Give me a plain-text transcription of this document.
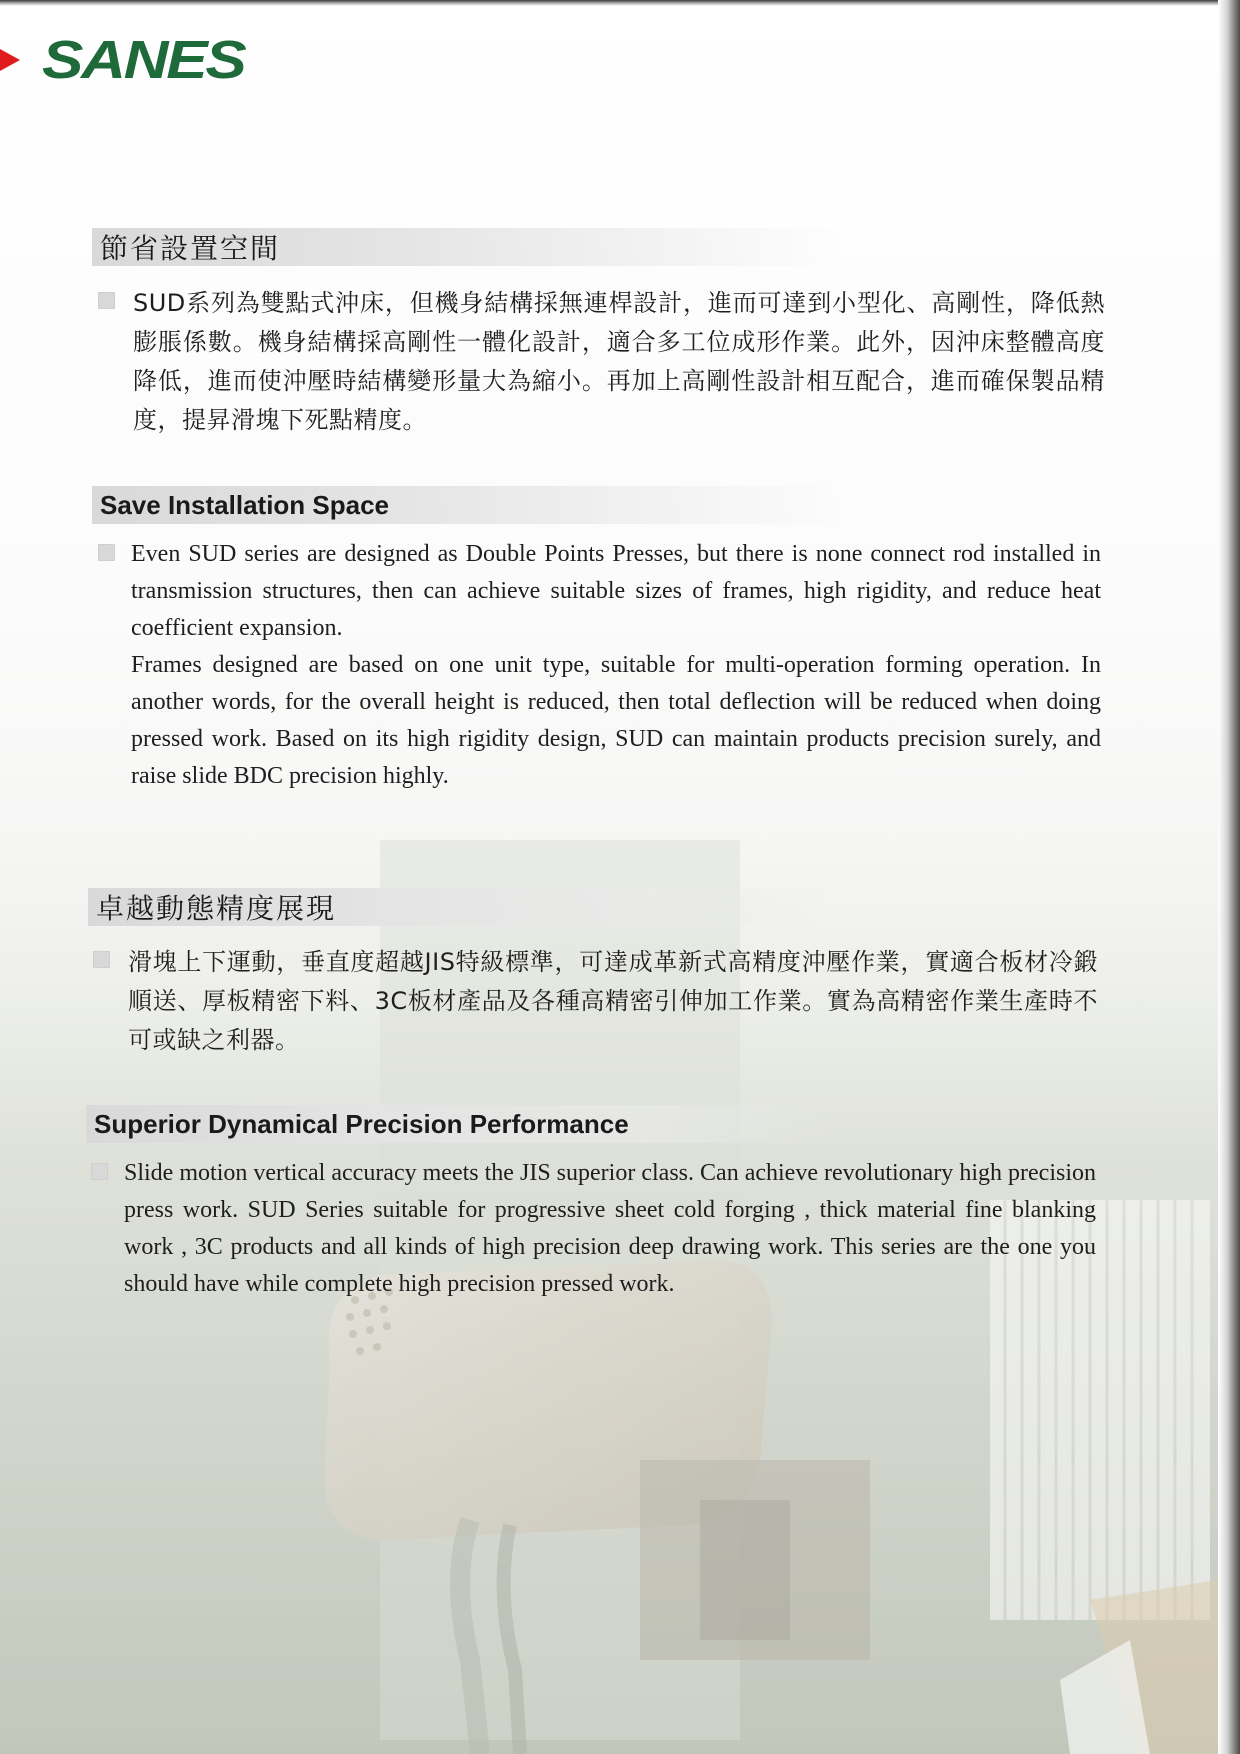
SANES
節省設置空間

SUD系列為雙點式沖床，但機身結構採無連桿設計，進而可達到小型化、高剛性，降低熱膨脹係數。機身結構採高剛性一體化設計，適合多工位成形作業。此外，因沖床整體高度降低，進而使沖壓時結構變形量大為縮小。再加上高剛性設計相互配合，進而確保製品精度，提昇滑塊下死點精度。

Save Installation Space

Even SUD series are designed as Double Points Presses, but there is none connect rod installed in transmission structures, then can achieve suitable sizes of frames, high rigidity, and reduce heat coefficient expansion.

Frames designed are based on one unit type, suitable for multi-operation forming operation. In another words, for the overall height is reduced, then total deflection will be reduced when doing pressed work. Based on its high rigidity design, SUD can maintain products precision surely, and raise slide BDC precision highly.

卓越動態精度展現

滑塊上下運動，垂直度超越JIS特級標準，可達成革新式高精度沖壓作業，實適合板材冷鍛順送、厚板精密下料、3C板材產品及各種高精密引伸加工作業。實為高精密作業生產時不可或缺之利器。

Superior Dynamical Precision Performance

Slide motion vertical accuracy meets the JIS superior class. Can achieve revolutionary high precision press work. SUD Series suitable for progressive sheet cold forging , thick material fine blanking work , 3C products and all kinds of high precision deep drawing work. This series are the one you should have while complete high precision pressed work.
